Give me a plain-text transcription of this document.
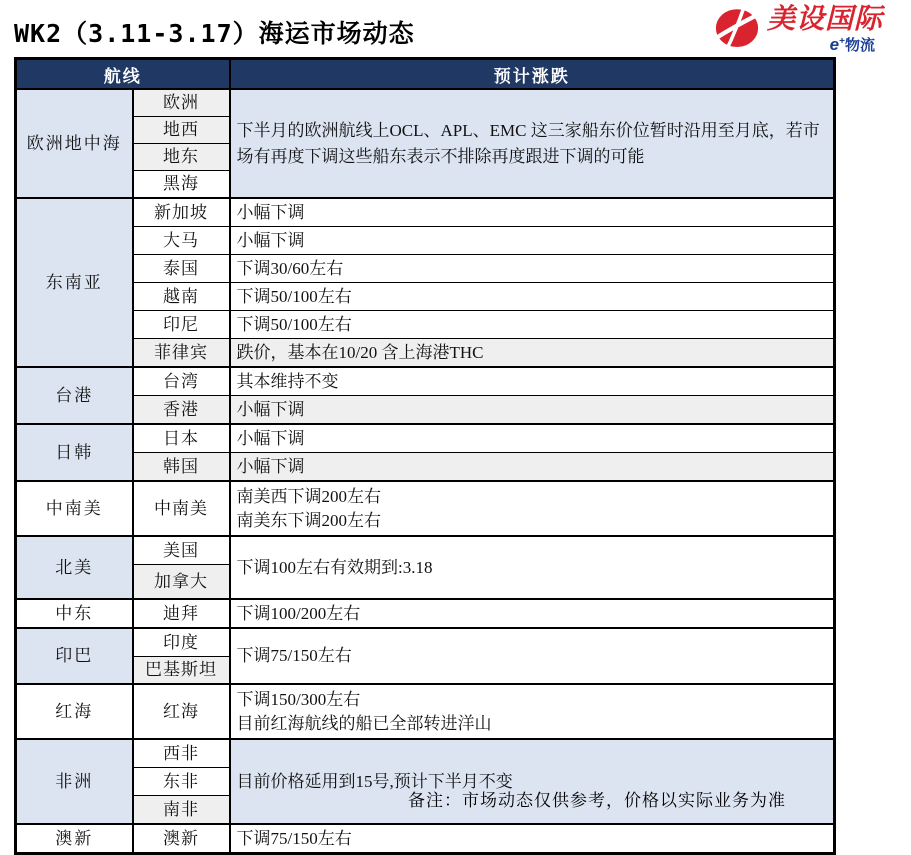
WK2（3.11-3.17）海运市场动态	美设国际
e+物流
航线		预计涨跌
欧洲地中海	欧洲	下半月的欧洲航线上OCL、APL、EMC 这三家船东价位暂时沿用至月底，若市场有再度下调这些船东表示不排除再度跟进下调的可能
	地西	
	地东	
	黑海	
东南亚	新加坡	小幅下调
	大马	小幅下调
	泰国	下调30/60左右
	越南	下调50/100左右
	印尼	下调50/100左右
	菲律宾	跌价，基本在10/20 含上海港THC
台港	台湾	其本维持不变
	香港	小幅下调
日韩	日本	小幅下调
	韩国	小幅下调
中南美	中南美	南美西下调200左右
南美东下调200左右

北美	美国	下调100左右有效期到:3.18
	加拿大	
中东	迪拜	下调100/200左右
印巴	印度	下调75/150左右
	巴基斯坦	
红海	红海	下调150/300左右
目前红海航线的船已全部转进洋山

非洲	西非	目前价格延用到15号,预计下半月不变
	东非	
	南非	
澳新	澳新	下调75/150左右
备注：市场动态仅供参考，价格以实际业务为准
